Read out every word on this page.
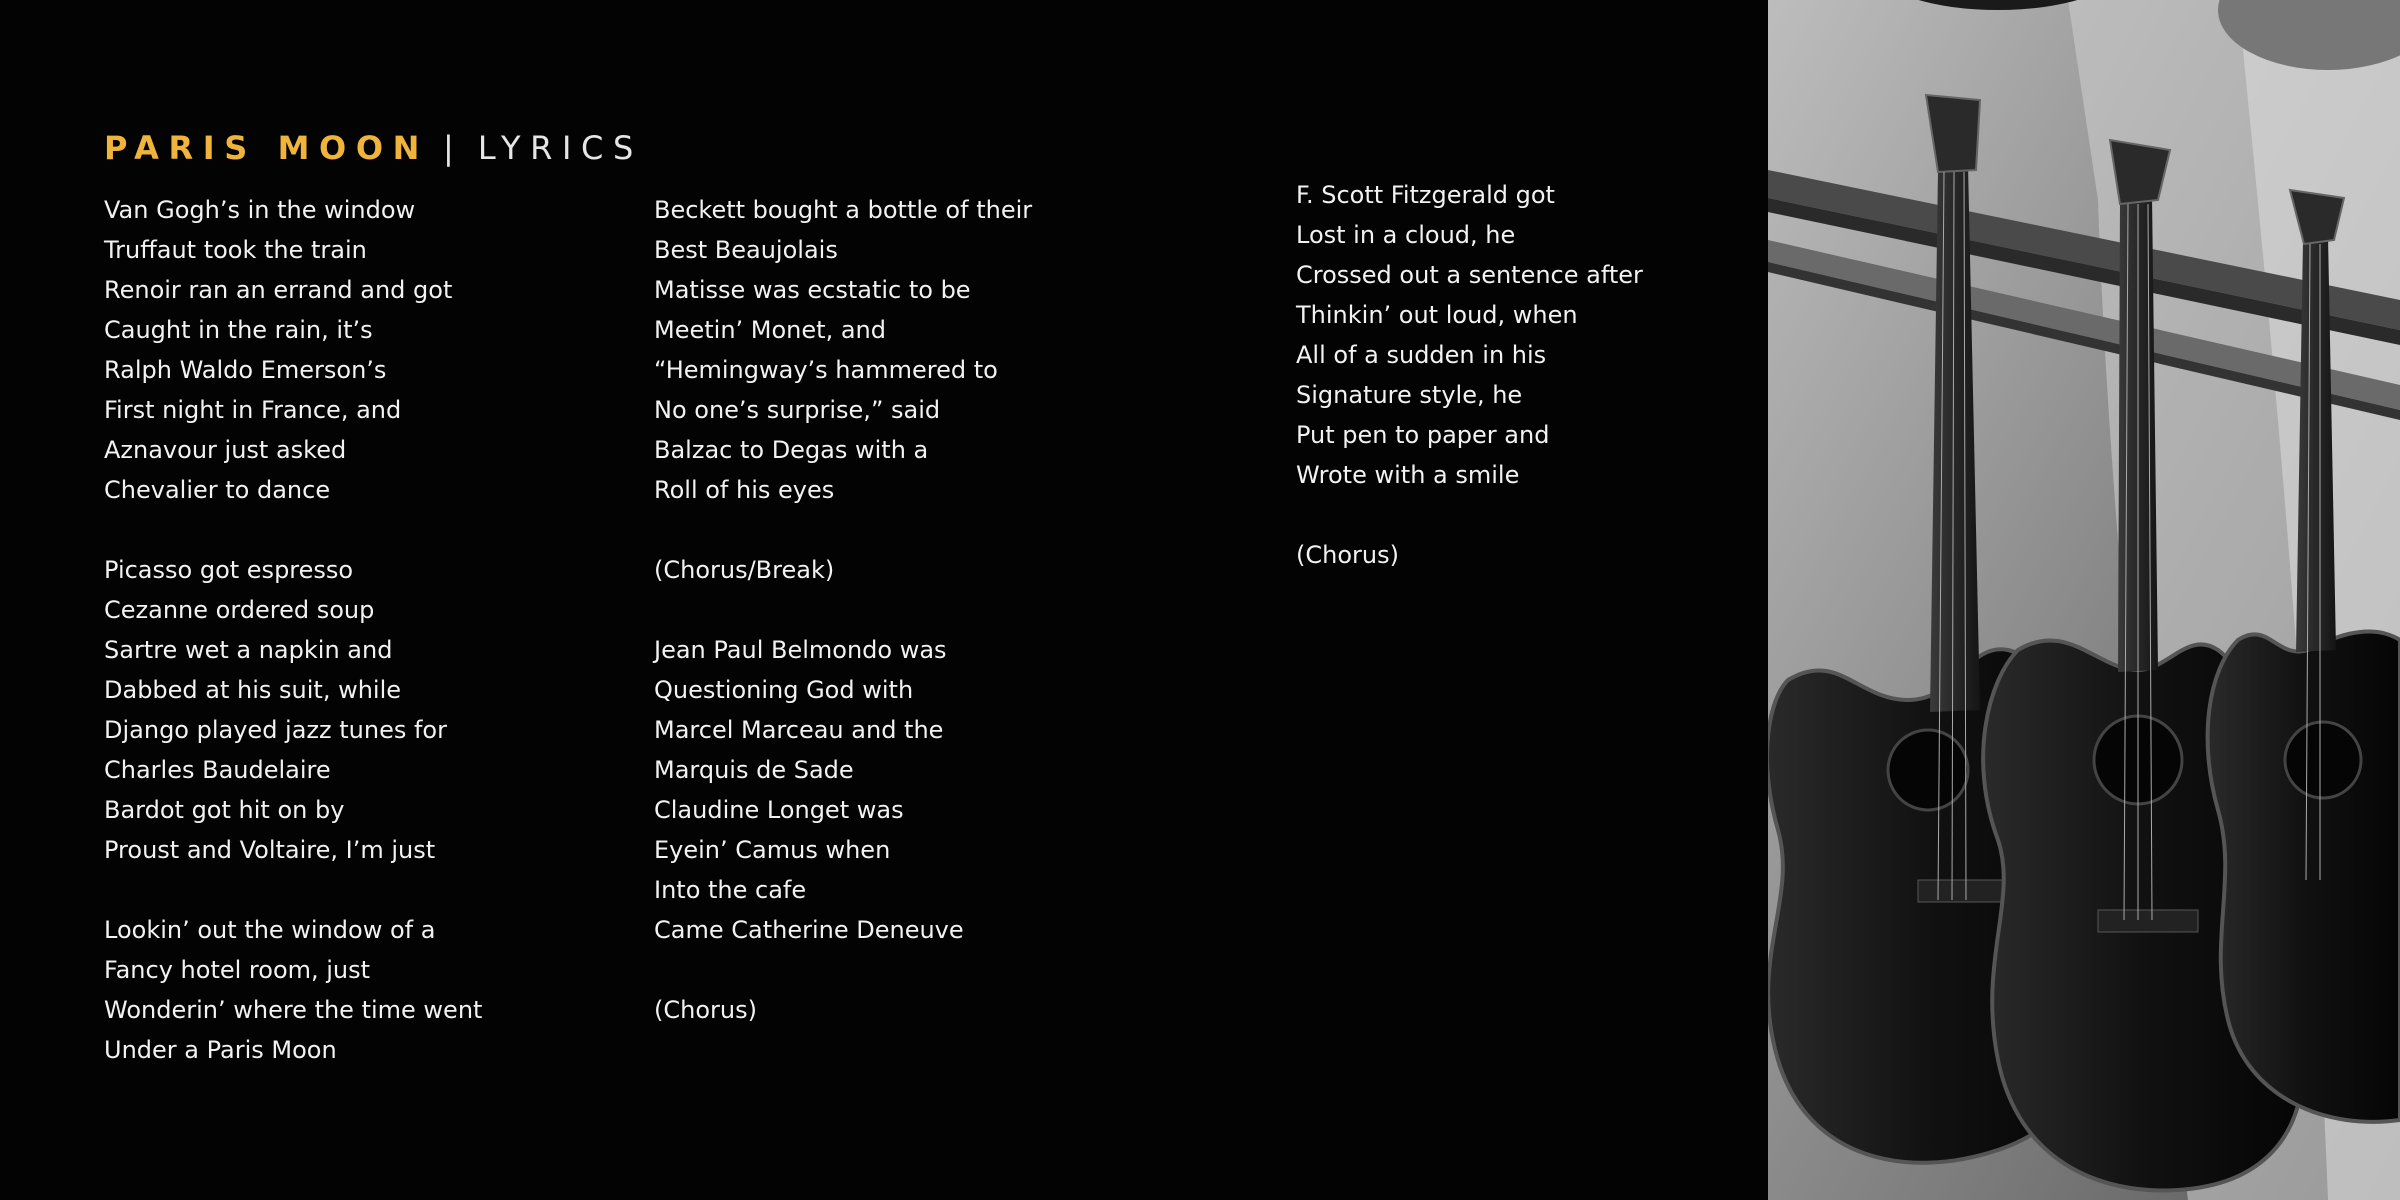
PARIS MOON | LYRICS
Van Gogh’s in the window
Truffaut took the train
Renoir ran an errand and got
Caught in the rain, it’s
Ralph Waldo Emerson’s
First night in France, and
Aznavour just asked
Chevalier to dance
Picasso got espresso
Cezanne ordered soup
Sartre wet a napkin and
Dabbed at his suit, while
Django played jazz tunes for
Charles Baudelaire
Bardot got hit on by
Proust and Voltaire, I’m just
Lookin’ out the window of a
Fancy hotel room, just
Wonderin’ where the time went
Under a Paris Moon
Beckett bought a bottle of their
Best Beaujolais
Matisse was ecstatic to be
Meetin’ Monet, and
“Hemingway’s hammered to
No one’s surprise,” said
Balzac to Degas with a
Roll of his eyes
(Chorus/Break)
Jean Paul Belmondo was
Questioning God with
Marcel Marceau and the
Marquis de Sade
Claudine Longet was
Eyein’ Camus when
Into the cafe
Came Catherine Deneuve
(Chorus)
F. Scott Fitzgerald got
Lost in a cloud, he
Crossed out a sentence after
Thinkin’ out loud, when
All of a sudden in his
Signature style, he
Put pen to paper and
Wrote with a smile
(Chorus)
